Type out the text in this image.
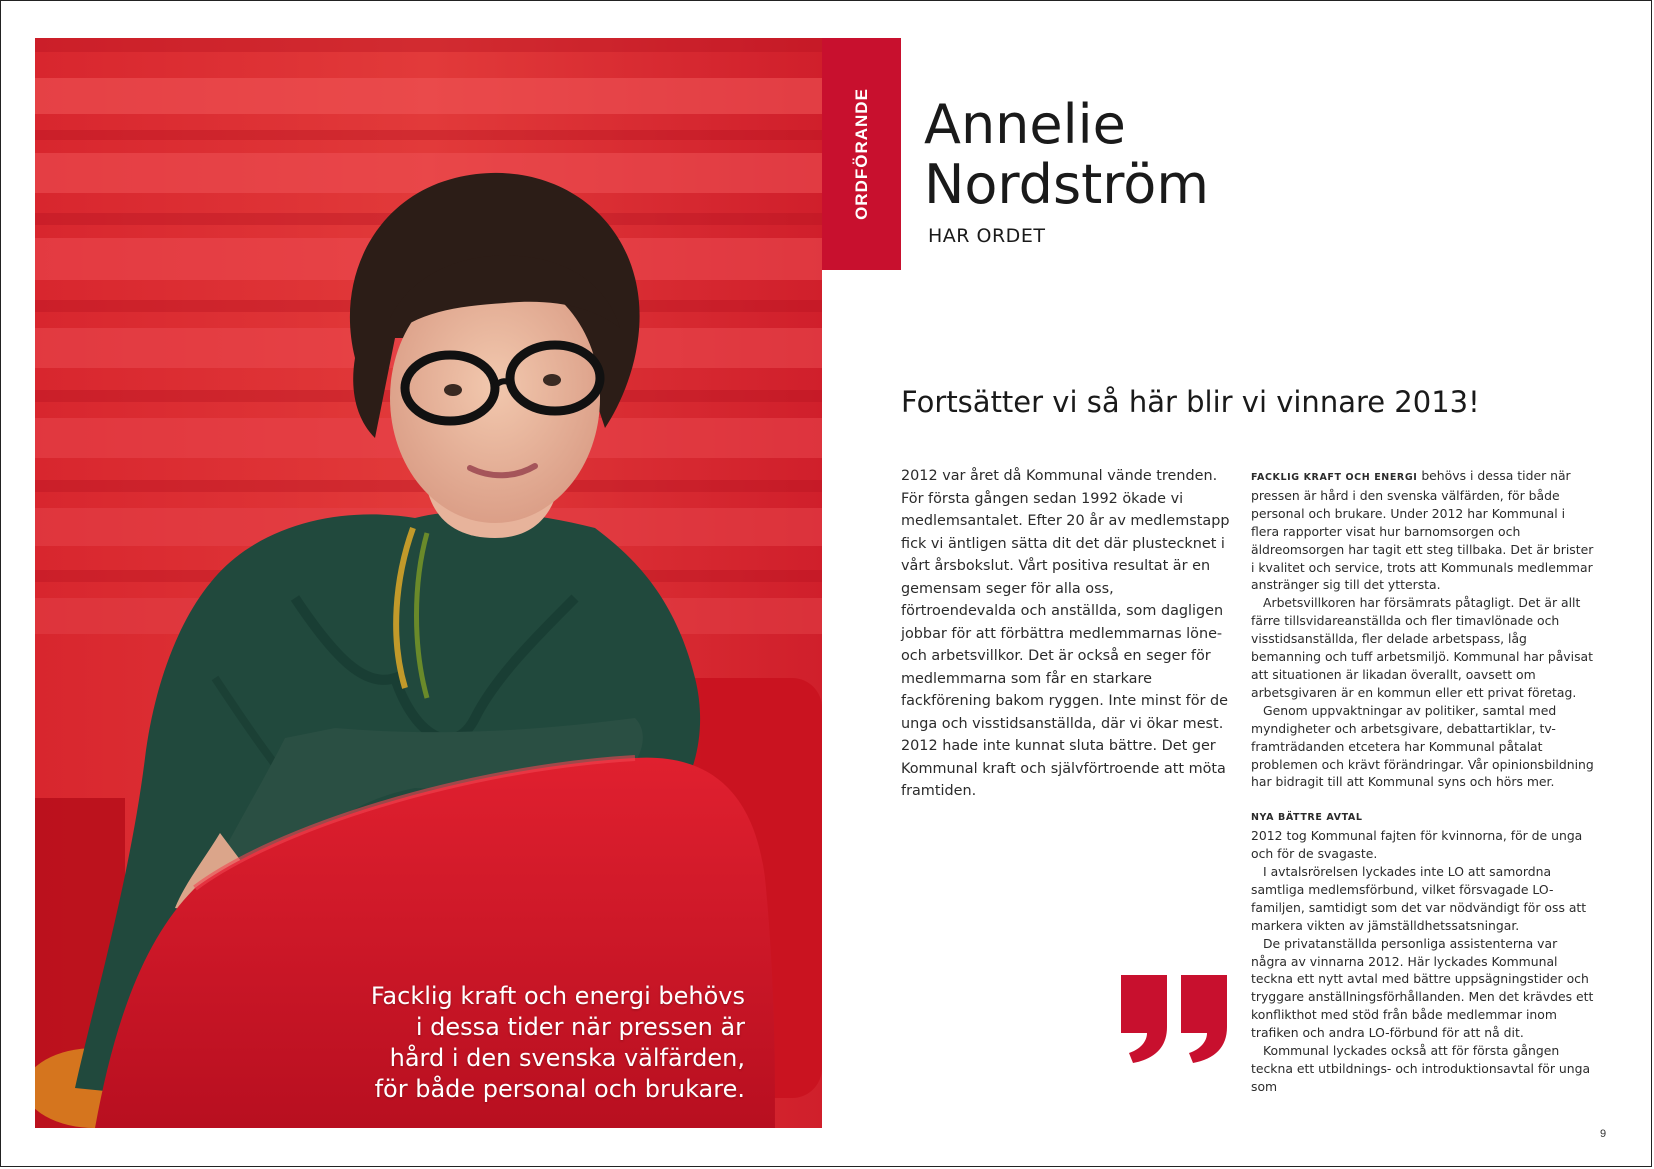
Facklig kraft och energi behövs i dessa tider när pressen är hård i den svenska välfärden, för både personal och brukare.
ORDFÖRANDE Annelie
Nordström
HAR ORDET
Fortsätter vi så här blir vi vinnare 2013!
2012 var året då Kommunal vände trenden. För första gången sedan 1992 ökade vi medlemsantalet. Efter 20 år av medlemstapp fick vi äntligen sätta dit det där plustecknet i vårt årsbokslut. Vårt positiva resultat är en gemensam seger för alla oss, förtroendevalda och anställda, som dagligen jobbar för att förbättra medlemmarnas löne- och arbetsvillkor. Det är också en seger för medlemmarna som får en starkare fackförening bakom ryggen. Inte minst för de unga och visstidsanställda, där vi ökar mest. 2012 hade inte kunnat sluta bättre. Det ger Kommunal kraft och självförtroende att möta framtiden.

FACKLIG KRAFT OCH ENERGI behövs i dessa tider när pressen är hård i den svenska välfärden, för både personal och brukare. Under 2012 har Kommunal i flera rapporter visat hur barnomsorgen och äldreomsorgen har tagit ett steg tillbaka. Det är brister i kvalitet och service, trots att Kommunals medlemmar anstränger sig till det yttersta.

Arbetsvillkoren har försämrats påtagligt. Det är allt färre tillsvidareanställda och fler timavlönade och visstidsanställda, fler delade arbetspass, låg bemanning och tuff arbetsmiljö. Kommunal har påvisat att situationen är likadan överallt, oavsett om arbetsgivaren är en kommun eller ett privat företag.

Genom uppvaktningar av politiker, samtal med myndigheter och arbetsgivare, debattartiklar, tv-framträdanden etcetera har Kommunal påtalat problemen och krävt förändringar. Vår opinionsbildning har bidragit till att Kommunal syns och hörs mer.

NYA BÄTTRE AVTAL

2012 tog Kommunal fajten för kvinnorna, för de unga och för de svagaste.

I avtalsrörelsen lyckades inte LO att samordna samtliga medlemsförbund, vilket försvagade LO-familjen, samtidigt som det var nödvändigt för oss att markera vikten av jämställdhetssatsningar.

De privatanställda personliga assistenterna var några av vinnarna 2012. Här lyckades Kommunal teckna ett nytt avtal med bättre uppsägningstider och tryggare anställningsförhållanden. Men det krävdes ett konflikthot med stöd från både medlemmar inom trafiken och andra LO-förbund för att nå dit.

Kommunal lyckades också att för första gången teckna ett utbildnings- och introduktionsavtal för unga som

9
